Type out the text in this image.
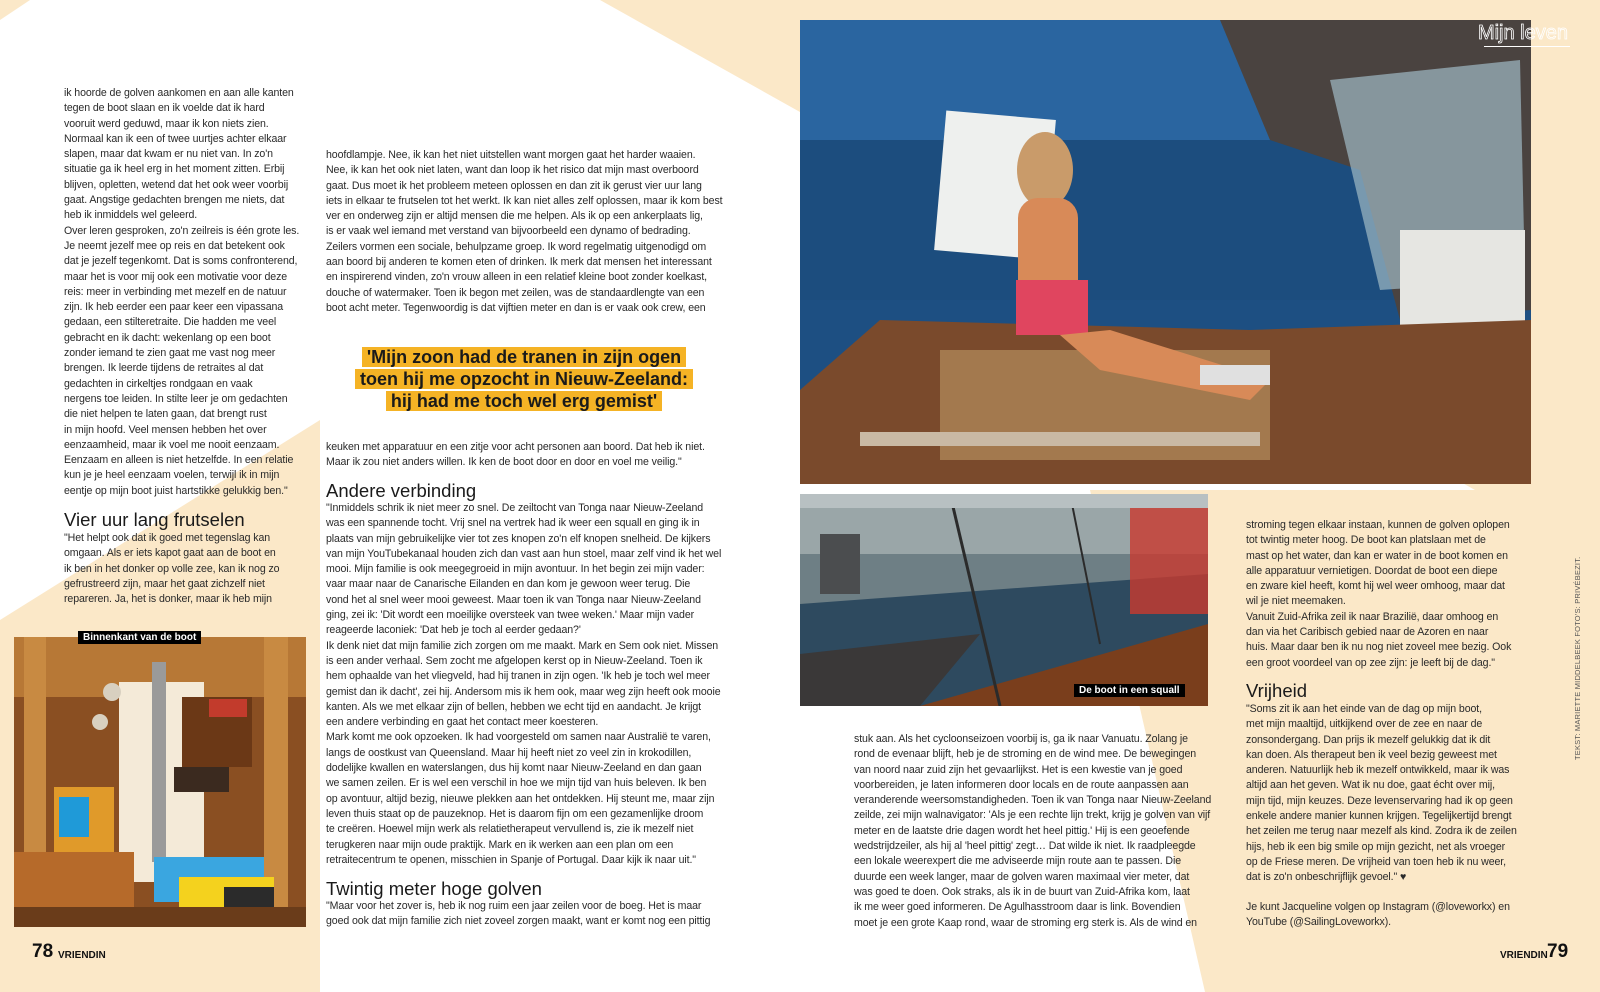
ik hoorde de golven aankomen en aan alle kanten
tegen de boot slaan en ik voelde dat ik hard
vooruit werd geduwd, maar ik kon niets zien.
Normaal kan ik een of twee uurtjes achter elkaar
slapen, maar dat kwam er nu niet van. In zo'n
situatie ga ik heel erg in het moment zitten. Erbij
blijven, opletten, wetend dat het ook weer voorbij
gaat. Angstige gedachten brengen me niets, dat
heb ik inmiddels wel geleerd.
Over leren gesproken, zo'n zeilreis is één grote les.
Je neemt jezelf mee op reis en dat betekent ook
dat je jezelf tegenkomt. Dat is soms confronterend,
maar het is voor mij ook een motivatie voor deze
reis: meer in verbinding met mezelf en de natuur
zijn. Ik heb eerder een paar keer een vipassana
gedaan, een stilteretraite. Die hadden me veel
gebracht en ik dacht: wekenlang op een boot
zonder iemand te zien gaat me vast nog meer
brengen. Ik leerde tijdens de retraites al dat
gedachten in cirkeltjes rondgaan en vaak
nergens toe leiden. In stilte leer je om gedachten
die niet helpen te laten gaan, dat brengt rust
in mijn hoofd. Veel mensen hebben het over
eenzaamheid, maar ik voel me nooit eenzaam.
Eenzaam en alleen is niet hetzelfde. In een relatie
kun je je heel eenzaam voelen, terwijl ik in mijn
eentje op mijn boot juist hartstikke gelukkig ben."
Vier uur lang frutselen
"Het helpt ook dat ik goed met tegenslag kan
omgaan. Als er iets kapot gaat aan de boot en
ik ben in het donker op volle zee, kan ik nog zo
gefrustreerd zijn, maar het gaat zichzelf niet
repareren. Ja, het is donker, maar ik heb mijn
Binnenkant van de boot
hoofdlampje. Nee, ik kan het niet uitstellen want morgen gaat het harder waaien.
Nee, ik kan het ook niet laten, want dan loop ik het risico dat mijn mast overboord
gaat. Dus moet ik het probleem meteen oplossen en dan zit ik gerust vier uur lang
iets in elkaar te frutselen tot het werkt. Ik kan niet alles zelf oplossen, maar ik kom best
ver en onderweg zijn er altijd mensen die me helpen. Als ik op een ankerplaats lig,
is er vaak wel iemand met verstand van bijvoorbeeld een dynamo of bedrading.
Zeilers vormen een sociale, behulpzame groep. Ik word regelmatig uitgenodigd om
aan boord bij anderen te komen eten of drinken. Ik merk dat mensen het interessant
en inspirerend vinden, zo'n vrouw alleen in een relatief kleine boot zonder koelkast,
douche of watermaker. Toen ik begon met zeilen, was de standaardlengte van een
boot acht meter. Tegenwoordig is dat vijftien meter en dan is er vaak ook crew, een
'Mijn zoon had de tranen in zijn ogen
toen hij me opzocht in Nieuw-Zeeland:
hij had me toch wel erg gemist'
keuken met apparatuur en een zitje voor acht personen aan boord. Dat heb ik niet.
Maar ik zou niet anders willen. Ik ken de boot door en door en voel me veilig."
Andere verbinding
"Inmiddels schrik ik niet meer zo snel. De zeiltocht van Tonga naar Nieuw-Zeeland
was een spannende tocht. Vrij snel na vertrek had ik weer een squall en ging ik in
plaats van mijn gebruikelijke vier tot zes knopen zo'n elf knopen snelheid. De kijkers
van mijn YouTubekanaal houden zich dan vast aan hun stoel, maar zelf vind ik het wel
mooi. Mijn familie is ook meegegroeid in mijn avontuur. In het begin zei mijn vader:
vaar maar naar de Canarische Eilanden en dan kom je gewoon weer terug. Die
vond het al snel weer mooi geweest. Maar toen ik van Tonga naar Nieuw-Zeeland
ging, zei ik: 'Dit wordt een moeilijke oversteek van twee weken.' Maar mijn vader
reageerde laconiek: 'Dat heb je toch al eerder gedaan?'
Ik denk niet dat mijn familie zich zorgen om me maakt. Mark en Sem ook niet. Missen
is een ander verhaal. Sem zocht me afgelopen kerst op in Nieuw-Zeeland. Toen ik
hem ophaalde van het vliegveld, had hij tranen in zijn ogen. 'Ik heb je toch wel meer
gemist dan ik dacht', zei hij. Andersom mis ik hem ook, maar weg zijn heeft ook mooie
kanten. Als we met elkaar zijn of bellen, hebben we echt tijd en aandacht. Je krijgt
een andere verbinding en gaat het contact meer koesteren.
Mark komt me ook opzoeken. Ik had voorgesteld om samen naar Australië te varen,
langs de oostkust van Queensland. Maar hij heeft niet zo veel zin in krokodillen,
dodelijke kwallen en waterslangen, dus hij komt naar Nieuw-Zeeland en dan gaan
we samen zeilen. Er is wel een verschil in hoe we mijn tijd van huis beleven. Ik ben
op avontuur, altijd bezig, nieuwe plekken aan het ontdekken. Hij steunt me, maar zijn
leven thuis staat op de pauzeknop. Het is daarom fijn om een gezamenlijke droom
te creëren. Hoewel mijn werk als relatietherapeut vervullend is, zie ik mezelf niet
terugkeren naar mijn oude praktijk. Mark en ik werken aan een plan om een
retraitecentrum te openen, misschien in Spanje of Portugal. Daar kijk ik naar uit."
Twintig meter hoge golven
"Maar voor het zover is, heb ik nog ruim een jaar zeilen voor de boeg. Het is maar
goed ook dat mijn familie zich niet zoveel zorgen maakt, want er komt nog een pittig
78 VRIENDIN
Mijn leven
De boot in een squall
stuk aan. Als het cycloonseizoen voorbij is, ga ik naar Vanuatu. Zolang je
rond de evenaar blijft, heb je de stroming en de wind mee. De bewegingen
van noord naar zuid zijn het gevaarlijkst. Het is een kwestie van je goed
voorbereiden, je laten informeren door locals en de route aanpassen aan
veranderende weersomstandigheden. Toen ik van Tonga naar Nieuw-Zeeland
zeilde, zei mijn walnavigator: 'Als je een rechte lijn trekt, krijg je golven van vijf
meter en de laatste drie dagen wordt het heel pittig.' Hij is een geoefende
wedstrijdzeiler, als hij al 'heel pittig' zegt… Dat wilde ik niet. Ik raadpleegde
een lokale weerexpert die me adviseerde mijn route aan te passen. Die
duurde een week langer, maar de golven waren maximaal vier meter, dat
was goed te doen. Ook straks, als ik in de buurt van Zuid-Afrika kom, laat
ik me weer goed informeren. De Agulhasstroom daar is link. Bovendien
moet je een grote Kaap rond, waar de stroming erg sterk is. Als de wind en
stroming tegen elkaar instaan, kunnen de golven oplopen
tot twintig meter hoog. De boot kan platslaan met de
mast op het water, dan kan er water in de boot komen en
alle apparatuur vernietigen. Doordat de boot een diepe
en zware kiel heeft, komt hij wel weer omhoog, maar dat
wil je niet meemaken.
Vanuit Zuid-Afrika zeil ik naar Brazilië, daar omhoog en
dan via het Caribisch gebied naar de Azoren en naar
huis. Maar daar ben ik nu nog niet zoveel mee bezig. Ook
een groot voordeel van op zee zijn: je leeft bij de dag."
Vrijheid
"Soms zit ik aan het einde van de dag op mijn boot,
met mijn maaltijd, uitkijkend over de zee en naar de
zonsondergang. Dan prijs ik mezelf gelukkig dat ik dit
kan doen. Als therapeut ben ik veel bezig geweest met
anderen. Natuurlijk heb ik mezelf ontwikkeld, maar ik was
altijd aan het geven. Wat ik nu doe, gaat écht over mij,
mijn tijd, mijn keuzes. Deze levenservaring had ik op geen
enkele andere manier kunnen krijgen. Tegelijkertijd brengt
het zeilen me terug naar mezelf als kind. Zodra ik de zeilen
hijs, heb ik een big smile op mijn gezicht, net als vroeger
op de Friese meren. De vrijheid van toen heb ik nu weer,
dat is zo'n onbeschrijflijk gevoel." ♥
Je kunt Jacqueline volgen op Instagram (@loveworkx) en
YouTube (@SailingLoveworkx).
TEKST: MARIETTE MIDDELBEEK FOTO'S: PRIVÉBEZIT.
VRIENDIN 79
